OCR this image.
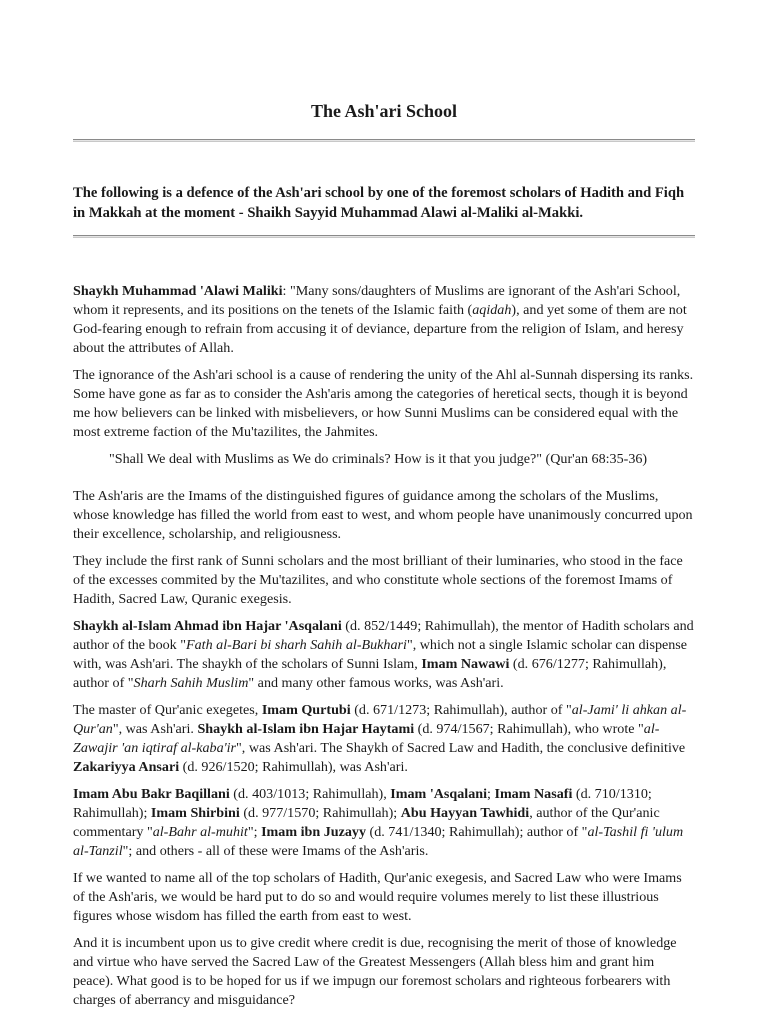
The Ash'ari School

The following is a defence of the Ash'ari school by one of the foremost scholars of Hadith and Fiqh in Makkah at the moment - Shaikh Sayyid Muhammad Alawi al-Maliki al-Makki.

Shaykh Muhammad 'Alawi Maliki: "Many sons/daughters of Muslims are ignorant of the Ash'ari School, whom it represents, and its positions on the tenets of the Islamic faith (aqidah), and yet some of them are not God-fearing enough to refrain from accusing it of deviance, departure from the religion of Islam, and heresy about the attributes of Allah.

The ignorance of the Ash'ari school is a cause of rendering the unity of the Ahl al-Sunnah dispersing its ranks. Some have gone as far as to consider the Ash'aris among the categories of heretical sects, though it is beyond me how believers can be linked with misbelievers, or how Sunni Muslims can be considered equal with the most extreme faction of the Mu'tazilites, the Jahmites.

"Shall We deal with Muslims as We do criminals? How is it that you judge?" (Qur'an 68:35-36)

The Ash'aris are the Imams of the distinguished figures of guidance among the scholars of the Muslims, whose knowledge has filled the world from east to west, and whom people have unanimously concurred upon their excellence, scholarship, and religiousness.

They include the first rank of Sunni scholars and the most brilliant of their luminaries, who stood in the face of the excesses commited by the Mu'tazilites, and who constitute whole sections of the foremost Imams of Hadith, Sacred Law, Quranic exegesis.

Shaykh al-Islam Ahmad ibn Hajar 'Asqalani (d. 852/1449; Rahimullah), the mentor of Hadith scholars and author of the book "Fath al-Bari bi sharh Sahih al-Bukhari", which not a single Islamic scholar can dispense with, was Ash'ari. The shaykh of the scholars of Sunni Islam, Imam Nawawi (d. 676/1277; Rahimullah), author of "Sharh Sahih Muslim" and many other famous works, was Ash'ari.

The master of Qur'anic exegetes, Imam Qurtubi (d. 671/1273; Rahimullah), author of "al-Jami' li ahkan al-Qur'an", was Ash'ari. Shaykh al-Islam ibn Hajar Haytami (d. 974/1567; Rahimullah), who wrote "al-Zawajir 'an iqtiraf al-kaba'ir", was Ash'ari. The Shaykh of Sacred Law and Hadith, the conclusive definitive Zakariyya Ansari (d. 926/1520; Rahimullah), was Ash'ari.

Imam Abu Bakr Baqillani (d. 403/1013; Rahimullah), Imam 'Asqalani; Imam Nasafi (d. 710/1310; Rahimullah); Imam Shirbini (d. 977/1570; Rahimullah); Abu Hayyan Tawhidi, author of the Qur'anic commentary "al-Bahr al-muhit"; Imam ibn Juzayy (d. 741/1340; Rahimullah); author of "al-Tashil fi 'ulum al-Tanzil"; and others - all of these were Imams of the Ash'aris.

If we wanted to name all of the top scholars of Hadith, Qur'anic exegesis, and Sacred Law who were Imams of the Ash'aris, we would be hard put to do so and would require volumes merely to list these illustrious figures whose wisdom has filled the earth from east to west.

And it is incumbent upon us to give credit where credit is due, recognising the merit of those of knowledge and virtue who have served the Sacred Law of the Greatest Messengers (Allah bless him and grant him peace). What good is to be hoped for us if we impugn our foremost scholars and righteous forbearers with charges of aberrancy and misguidance?
